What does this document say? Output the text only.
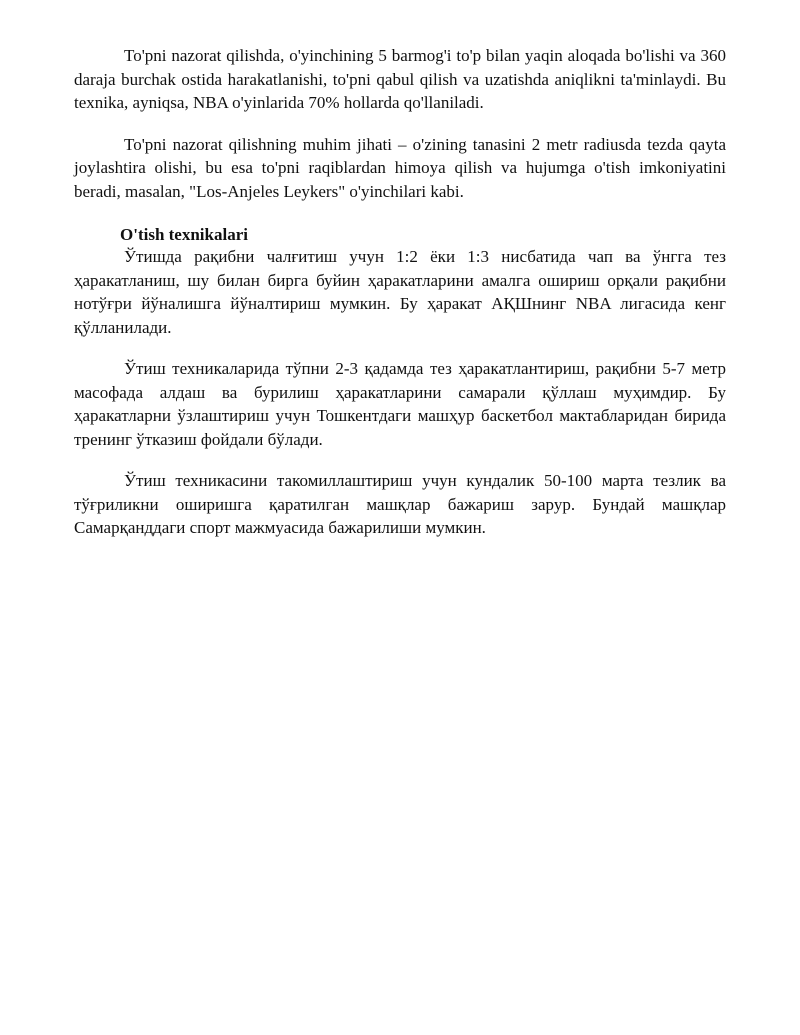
To'pni nazorat qilishda, o'yinchining 5 barmog'i to'p bilan yaqin aloqada bo'lishi va 360 daraja burchak ostida harakatlanishi, to'pni qabul qilish va uzatishda aniqlikni ta'minlaydi. Bu texnika, ayniqsa, NBA o'yinlarida 70% hollarda qo'llaniladi.

To'pni nazorat qilishning muhim jihati – o'zining tanasini 2 metr radiusda tezda qayta joylashtira olishi, bu esa to'pni raqiblardan himoya qilish va hujumga o'tish imkoniyatini beradi, masalan, "Los-Anjeles Leykers" o'yinchilari kabi.

O'tish texnikalari

Ўтишда рақибни чалғитиш учун 1:2 ёки 1:3 нисбатида чап ва ўнгга тез ҳаракатланиш, шу билан бирга буйин ҳаракатларини амалга ошириш орқали рақибни нотўғри йўналишга йўналтириш мумкин. Бу ҳаракат АҚШнинг NBA лигасида кенг қўлланилади.

Ўтиш техникаларида тўпни 2-3 қадамда тез ҳаракатлантириш, рақибни 5-7 метр масофада алдаш ва бурилиш ҳаракатларини самарали қўллаш муҳимдир. Бу ҳаракатларни ўзлаштириш учун Тошкентдаги машҳур баскетбол мактабларидан бирида тренинг ўтказиш фойдали бўлади.

Ўтиш техникасини такомиллаштириш учун кундалик 50-100 марта тезлик ва тўғриликни оширишга қаратилган машқлар бажариш зарур. Бундай машқлар Самарқанддаги спорт мажмуасида бажарилиши мумкин.
